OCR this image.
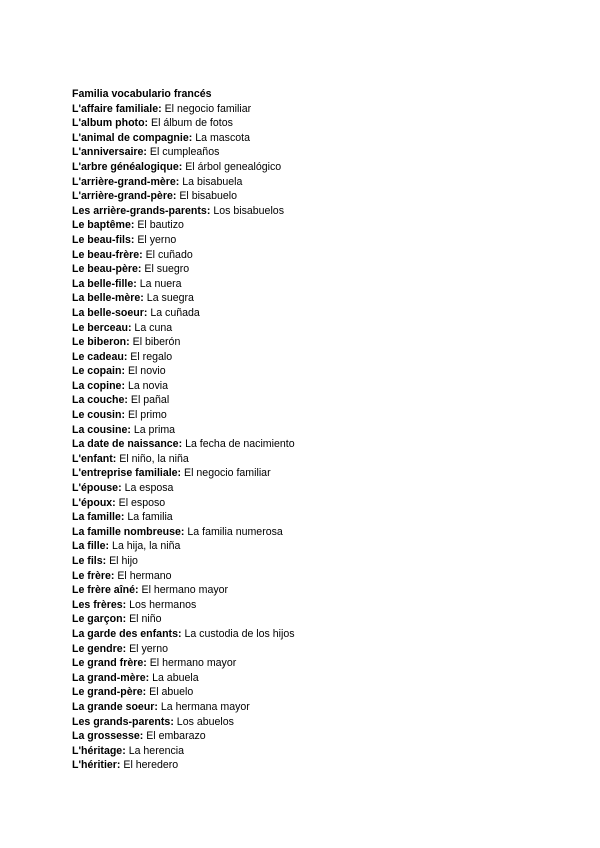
Familia vocabulario francés
L'affaire familiale: El negocio familiar
L'album photo: El álbum de fotos
L'animal de compagnie: La mascota
L'anniversaire: El cumpleaños
L'arbre généalogique: El árbol genealógico
L'arrière-grand-mère: La bisabuela
L'arrière-grand-père: El bisabuelo
Les arrière-grands-parents: Los bisabuelos
Le baptême: El bautizo
Le beau-fils: El yerno
Le beau-frère: El cuñado
Le beau-père: El suegro
La belle-fille: La nuera
La belle-mère: La suegra
La belle-soeur: La cuñada
Le berceau: La cuna
Le biberon: El biberón
Le cadeau: El regalo
Le copain: El novio
La copine: La novia
La couche: El pañal
Le cousin: El primo
La cousine: La prima
La date de naissance: La fecha de nacimiento
L'enfant: El niño, la niña
L'entreprise familiale: El negocio familiar
L'épouse: La esposa
L'époux: El esposo
La famille: La familia
La famille nombreuse: La familia numerosa
La fille: La hija, la niña
Le fils: El hijo
Le frère: El hermano
Le frère aîné: El hermano mayor
Les frères: Los hermanos
Le garçon: El niño
La garde des enfants: La custodia de los hijos
Le gendre: El yerno
Le grand frère: El hermano mayor
La grand-mère: La abuela
Le grand-père: El abuelo
La grande soeur: La hermana mayor
Les grands-parents: Los abuelos
La grossesse: El embarazo
L'héritage: La herencia
L'héritier: El heredero
